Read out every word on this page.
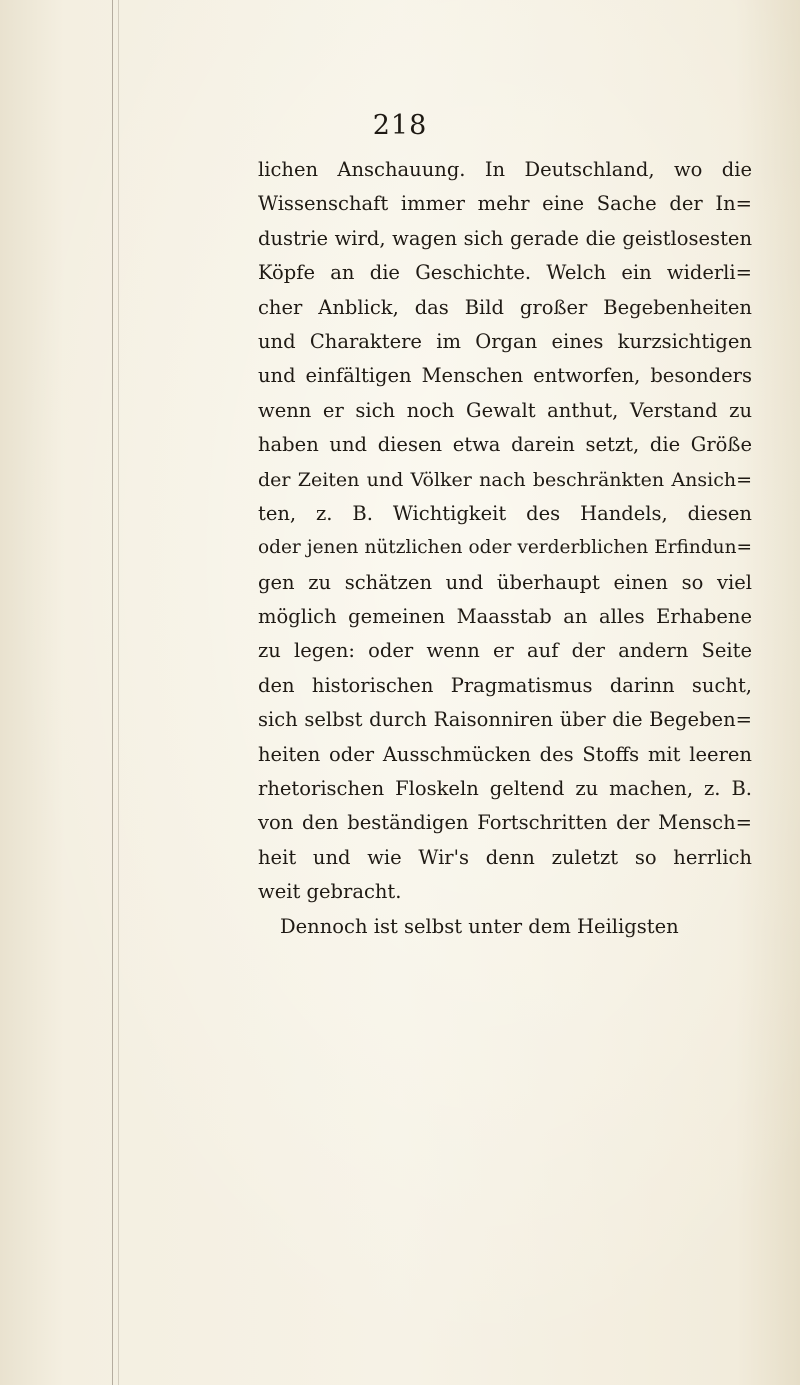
218
lichen Anschauung. In Deutschland, wo die
Wissenschaft immer mehr eine Sache der In=
dustrie wird, wagen sich gerade die geistlosesten
Köpfe an die Geschichte. Welch ein widerli=
cher Anblick, das Bild großer Begebenheiten
und Charaktere im Organ eines kurzsichtigen
und einfältigen Menschen entworfen, besonders
wenn er sich noch Gewalt anthut, Verstand zu
haben und diesen etwa darein setzt, die Größe
der Zeiten und Völker nach beschränkten Ansich=
ten, z. B. Wichtigkeit des Handels, diesen
oder jenen nützlichen oder verderblichen Erfindun=
gen zu schätzen und überhaupt einen so viel
möglich gemeinen Maasstab an alles Erhabene
zu legen: oder wenn er auf der andern Seite
den historischen Pragmatismus darinn sucht,
sich selbst durch Raisonniren über die Begeben=
heiten oder Ausschmücken des Stoffs mit leeren
rhetorischen Floskeln geltend zu machen, z. B.
von den beständigen Fortschritten der Mensch=
heit und wie Wir's denn zuletzt so herrlich
weit gebracht.
Dennoch ist selbst unter dem Heiligsten
